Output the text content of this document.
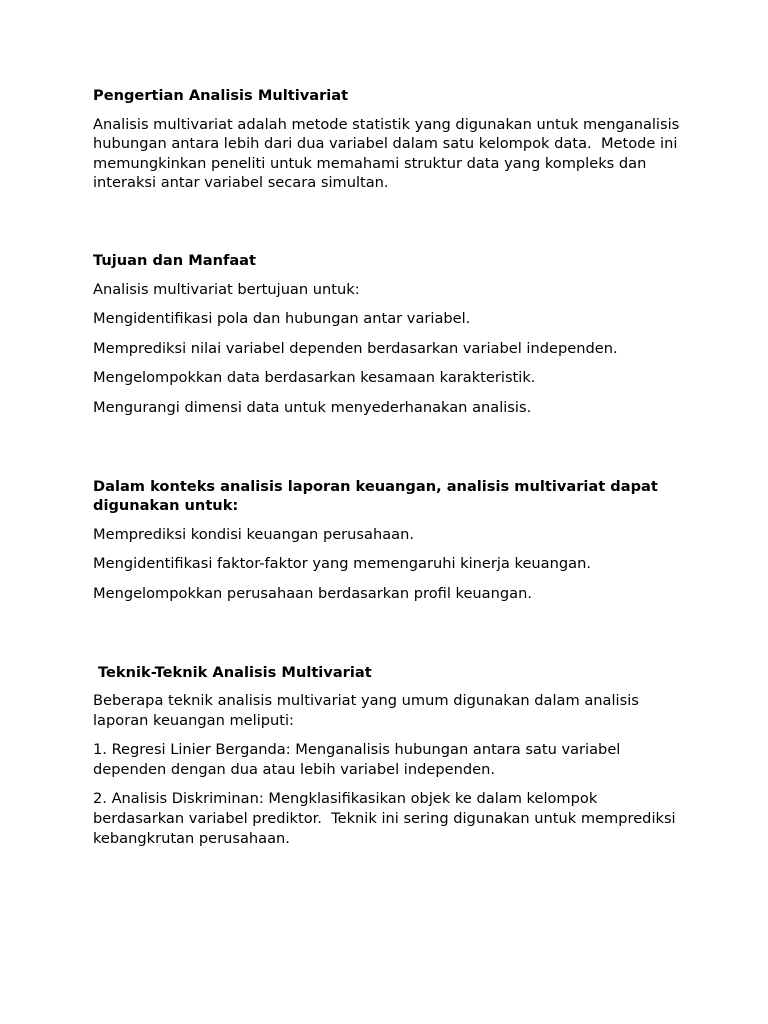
Pengertian Analisis Multivariat
Analisis multivariat adalah metode statistik yang digunakan untuk menganalisis hubungan antara lebih dari dua variabel dalam satu kelompok data.  Metode ini memungkinkan peneliti untuk memahami struktur data yang kompleks dan interaksi antar variabel secara simultan.
Tujuan dan Manfaat
Analisis multivariat bertujuan untuk:
Mengidentifikasi pola dan hubungan antar variabel.
Memprediksi nilai variabel dependen berdasarkan variabel independen.
Mengelompokkan data berdasarkan kesamaan karakteristik.
Mengurangi dimensi data untuk menyederhanakan analisis.
Dalam konteks analisis laporan keuangan, analisis multivariat dapat digunakan untuk:
Memprediksi kondisi keuangan perusahaan.
Mengidentifikasi faktor-faktor yang memengaruhi kinerja keuangan.
Mengelompokkan perusahaan berdasarkan profil keuangan.
Teknik-Teknik Analisis Multivariat
Beberapa teknik analisis multivariat yang umum digunakan dalam analisis laporan keuangan meliputi:
1. Regresi Linier Berganda: Menganalisis hubungan antara satu variabel dependen dengan dua atau lebih variabel independen.
2. Analisis Diskriminan: Mengklasifikasikan objek ke dalam kelompok berdasarkan variabel prediktor.  Teknik ini sering digunakan untuk memprediksi kebangkrutan perusahaan.
